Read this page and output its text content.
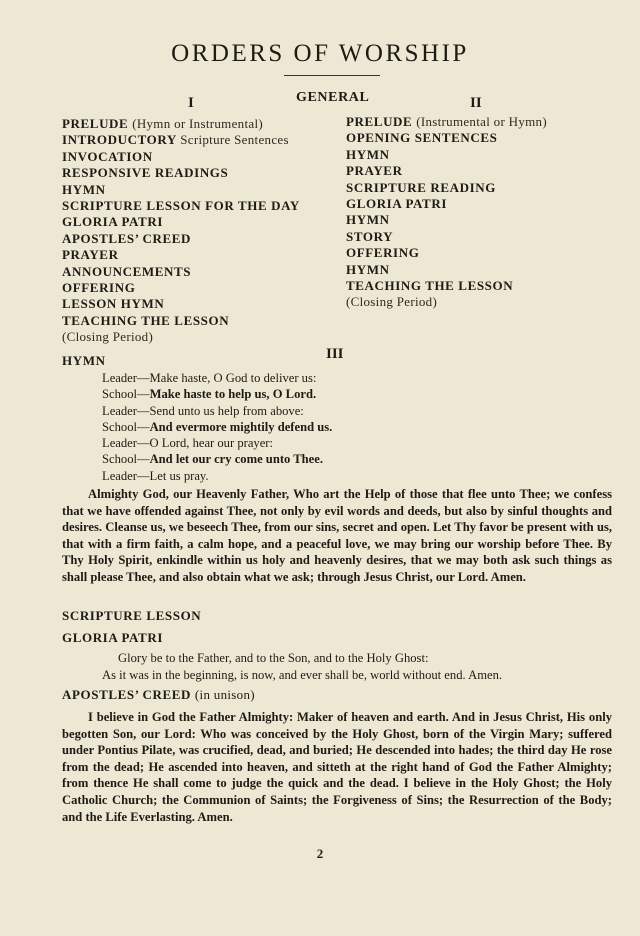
ORDERS OF WORSHIP
I	GENERAL	II
PRELUDE (Hymn or Instrumental)
INTRODUCTORY Scripture Sentences
INVOCATION
RESPONSIVE READINGS
HYMN
SCRIPTURE LESSON FOR THE DAY
GLORIA PATRI
APOSTLES’ CREED
PRAYER
ANNOUNCEMENTS
OFFERING
LESSON HYMN
TEACHING THE LESSON
(Closing Period)
PRELUDE (Instrumental or Hymn)
OPENING SENTENCES
HYMN
PRAYER
SCRIPTURE READING
GLORIA PATRI
HYMN
STORY
OFFERING
HYMN
TEACHING THE LESSON
(Closing Period)
HYMN	III
Leader—Make haste, O God to deliver us:
School—Make haste to help us, O Lord.
Leader—Send unto us help from above:
School—And evermore mightily defend us.
Leader—O Lord, hear our prayer:
School—And let our cry come unto Thee.
Leader—Let us pray.
Almighty God, our Heavenly Father, Who art the Help of those that flee unto Thee; we confess that we have offended against Thee, not only by evil words and deeds, but also by sinful thoughts and desires. Cleanse us, we beseech Thee, from our sins, secret and open. Let Thy favor be present with us, that with a firm faith, a calm hope, and a peaceful love, we may bring our worship before Thee. By Thy Holy Spirit, enkindle within us holy and heavenly desires, that we may both ask such things as shall please Thee, and also obtain what we ask; through Jesus Christ, our Lord. Amen.
SCRIPTURE LESSON
GLORIA PATRI
Glory be to the Father, and to the Son, and to the Holy Ghost:
As it was in the beginning, is now, and ever shall be, world without end. Amen.
APOSTLES’ CREED (in unison)
I believe in God the Father Almighty: Maker of heaven and earth. And in Jesus Christ, His only begotten Son, our Lord: Who was conceived by the Holy Ghost, born of the Virgin Mary; suffered under Pontius Pilate, was crucified, dead, and buried; He descended into hades; the third day He rose from the dead; He ascended into heaven, and sitteth at the right hand of God the Father Almighty; from thence He shall come to judge the quick and the dead. I believe in the Holy Ghost; the Holy Catholic Church; the Communion of Saints; the Forgiveness of Sins; the Resurrection of the Body; and the Life Everlasting. Amen.
2
